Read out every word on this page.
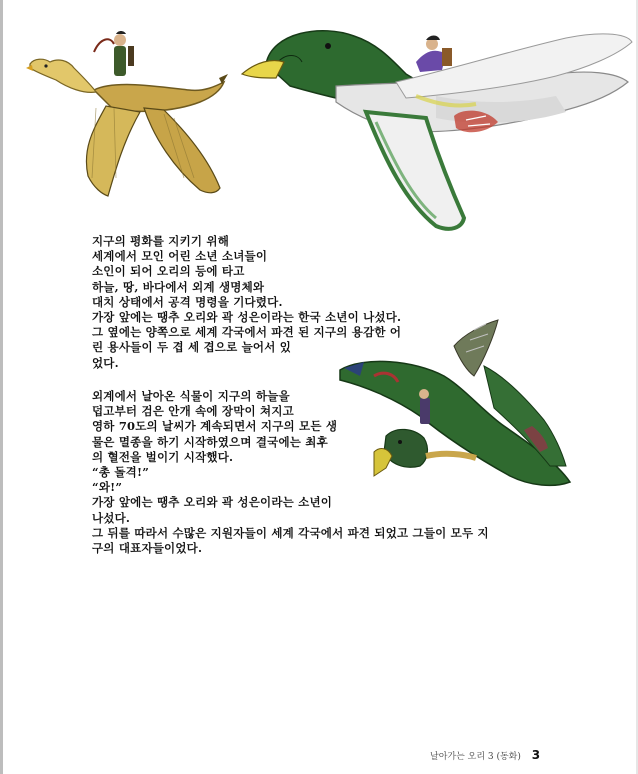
지구의 평화를 지키기 위해
세계에서 모인 어린 소년 소녀들이
소인이 되어 오리의 등에 타고
하늘, 땅, 바다에서 외계 생명체와
대치 상태에서 공격 명령을 기다렸다.
가장 앞에는 땡추 오리와 곽 성은이라는 한국 소년이 나섰다.
그 옆에는 양쪽으로 세계 각국에서 파견 된 지구의 용감한 어
린 용사들이 두 겹 세 겹으로 늘어서 있
었다.
외계에서 날아온 식물이 지구의 하늘을
덥고부터 검은 안개 속에 장막이 쳐지고
영하 70도의 날씨가 계속되면서 지구의 모든 생
물은 멸종을 하기 시작하였으며 결국에는 최후
의 혈전을 벌이기 시작했다.
“총 돌격!”
“와!”
가장 앞에는 땡추 오리와 곽 성은이라는 소년이
나섰다.
그 뒤를 따라서 수많은 지원자들이 세계 각국에서 파견 되었고 그들이 모두 지
구의 대표자들이었다.
날아가는 오리 3 (동화) 3
